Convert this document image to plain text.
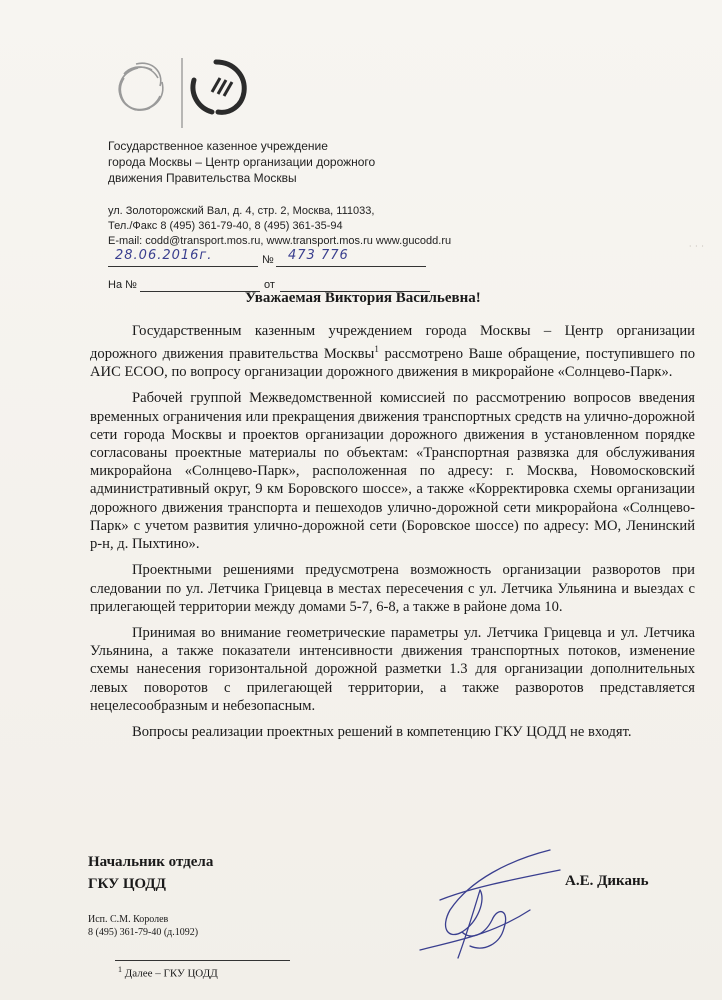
Государственное казенное учреждение
города Москвы – Центр организации дорожного
движения Правительства Москвы
ул. Золоторожский Вал, д. 4, стр. 2, Москва, 111033,
Тел./Факс 8 (495) 361-79-40, 8 (495) 361-35-94
E-mail: codd@transport.mos.ru, www.transport.mos.ru www.gucodd.ru	∙ ∙ ∙
28.06.2016г.	№ 473 776
На №	от
Уважаемая Виктория Васильевна!

Государственным казенным учреждением города Москвы – Центр организации дорожного движения правительства Москвы$^1$ рассмотрено Ваше обращение, поступившего по АИС ЕСОО, по вопросу организации дорожного движения в микрорайоне «Солнцево-Парк».

Рабочей группой Межведомственной комиссией по рассмотрению вопросов введения временных ограничения или прекращения движения транспортных средств на улично-дорожной сети города Москвы и проектов организации дорожного движения в установленном порядке согласованы проектные материалы по объектам: «Транспортная развязка для обслуживания микрорайона «Солнцево-Парк», расположенная по адресу: г. Москва, Новомосковский административный округ, 9 км Боровского шоссе», а также «Корректировка схемы организации дорожного движения транспорта и пешеходов улично-дорожной сети микрорайона «Солнцево-Парк» с учетом развития улично-дорожной сети (Боровское шоссе) по адресу: МО, Ленинский р-н, д. Пыхтино».

Проектными решениями предусмотрена возможность организации разворотов при следовании по ул. Летчика Грицевца в местах пересечения с ул. Летчика Ульянина и выездах с прилегающей территории между домами 5-7, 6-8, а также в районе дома 10.

Принимая во внимание геометрические параметры ул. Летчика Грицевца и ул. Летчика Ульянина, а также показатели интенсивности движения транспортных потоков, изменение схемы нанесения горизонтальной дорожной разметки 1.3 для организации дополнительных левых поворотов с прилегающей территории, а также разворотов представляется нецелесообразным и небезопасным.

Вопросы реализации проектных решений в компетенцию ГКУ ЦОДД не входят.

Начальник отдела
ГКУ ЦОДД	А.Е. Дикань
Исп. С.М. Королев
8 (495) 361-79-40 (д.1092)
$^1$ Далее – ГКУ ЦОДД
